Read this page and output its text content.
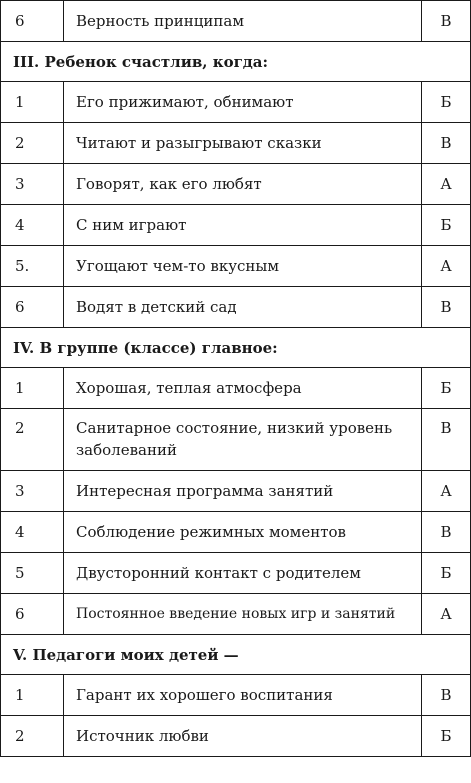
6	Верность принципам	В
III. Ребенок счастлив, когда:		
1	Его прижимают, обнимают	Б
2	Читают и разыгрывают сказки	В
3	Говорят, как его любят	А
4	С ним играют	Б
5.	Угощают чем-то вкусным	А
6	Водят в детский сад	В
IV. В группе (классе) главное:		
1	Хорошая, теплая атмосфера	Б
2	Санитарное состояние, низкий уровень заболеваний	В
3	Интересная программа занятий	А
4	Соблюдение режимных моментов	В
5	Двусторонний контакт с родителем	Б
6	Постоянное введение новых игр и занятий	А
V. Педагоги моих детей —		
1	Гарант их хорошего воспитания	В
2	Источник любви	Б
